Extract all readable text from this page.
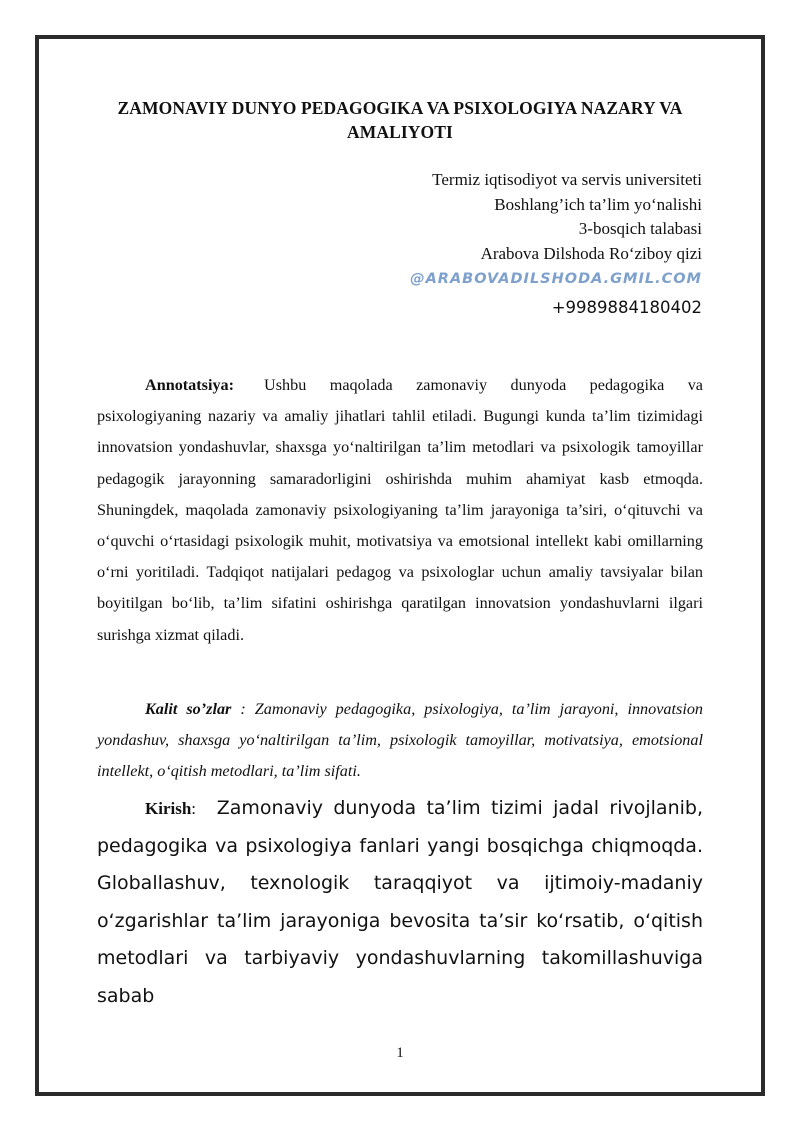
ZAMONAVIY DUNYO PEDAGOGIKA VA PSIXOLOGIYA NAZARY VA AMALIYOTI
Termiz iqtisodiyot va servis universiteti
Boshlang’ich ta’lim yo‘nalishi
3-bosqich talabasi
Arabova Dilshoda Ro‘ziboy qizi
@ARABOVADILSHODA.GMIL.COM
+9989884180402
Annotatsiya: Ushbu maqolada zamonaviy dunyoda pedagogika va psixologiyaning nazariy va amaliy jihatlari tahlil etiladi. Bugungi kunda ta’lim tizimidagi innovatsion yondashuvlar, shaxsga yo‘naltirilgan ta’lim metodlari va psixologik tamoyillar pedagogik jarayonning samaradorligini oshirishda muhim ahamiyat kasb etmoqda. Shuningdek, maqolada zamonaviy psixologiyaning ta’lim jarayoniga ta’siri, o‘qituvchi va o‘quvchi o‘rtasidagi psixologik muhit, motivatsiya va emotsional intellekt kabi omillarning o‘rni yoritiladi. Tadqiqot natijalari pedagog va psixologlar uchun amaliy tavsiyalar bilan boyitilgan bo‘lib, ta’lim sifatini oshirishga qaratilgan innovatsion yondashuvlarni ilgari surishga xizmat qiladi.
Kalit so’zlar : Zamonaviy pedagogika, psixologiya, ta’lim jarayoni, innovatsion yondashuv, shaxsga yo‘naltirilgan ta’lim, psixologik tamoyillar, motivatsiya, emotsional intellekt, o‘qitish metodlari, ta’lim sifati.
Kirish: Zamonaviy dunyoda ta’lim tizimi jadal rivojlanib, pedagogika va psixologiya fanlari yangi bosqichga chiqmoqda. Globallashuv, texnologik taraqqiyot va ijtimoiy-madaniy o‘zgarishlar ta’lim jarayoniga bevosita ta’sir ko‘rsatib, o‘qitish metodlari va tarbiyaviy yondashuvlarning takomillashuviga sabab
1
